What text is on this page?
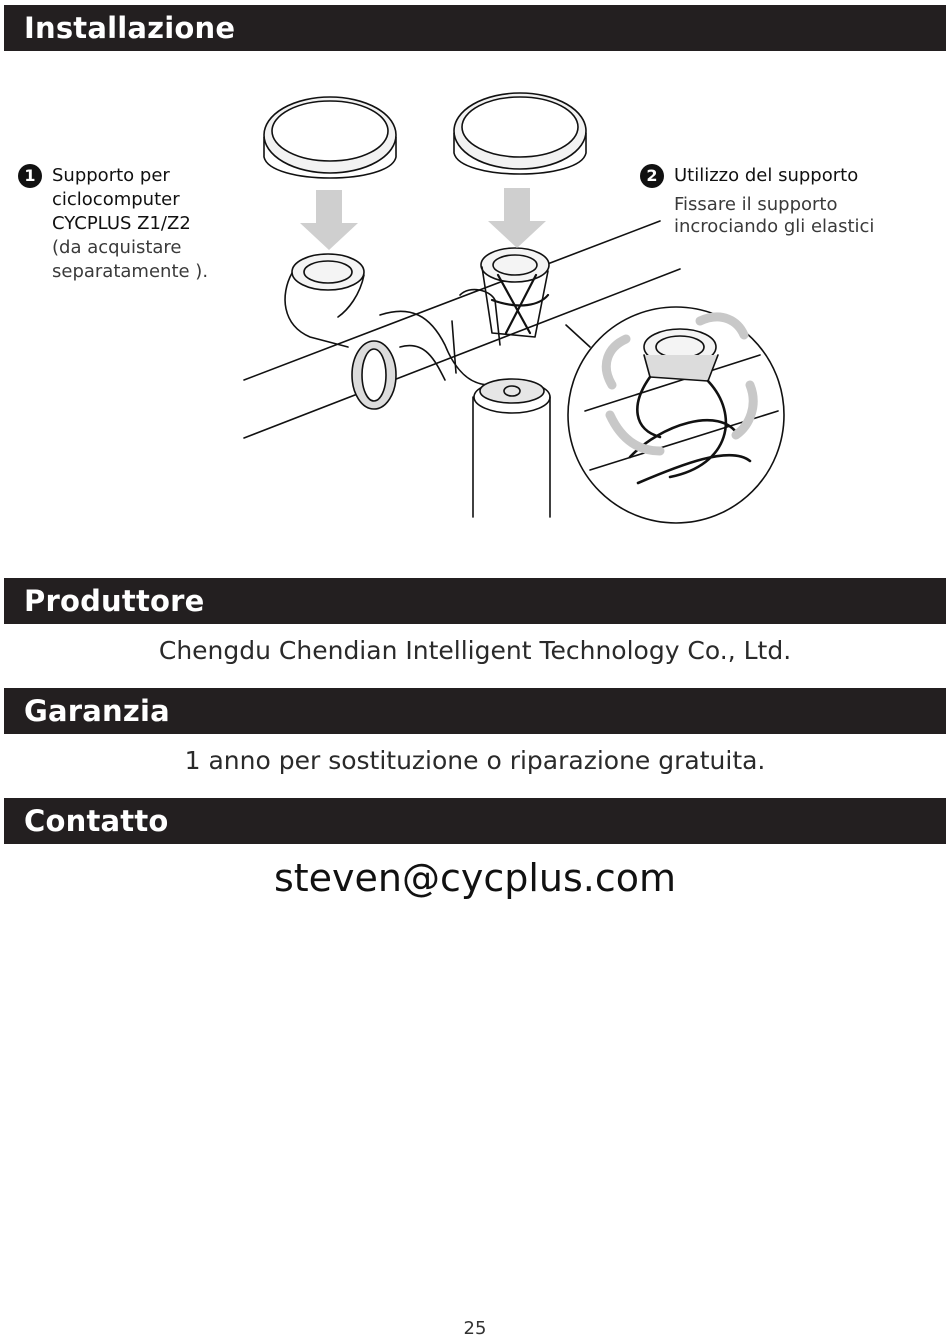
Installazione
1 Supporto per
ciclocomputer
CYCPLUS Z1/Z2
(da acquistare
separatamente ).
2 Utilizzo del supporto
Fissare il supporto
incrociando gli elastici
Produttore
Chengdu Chendian Intelligent Technology Co., Ltd.
Garanzia
1 anno per sostituzione o riparazione gratuita.
Contatto
steven@cycplus.com
25
